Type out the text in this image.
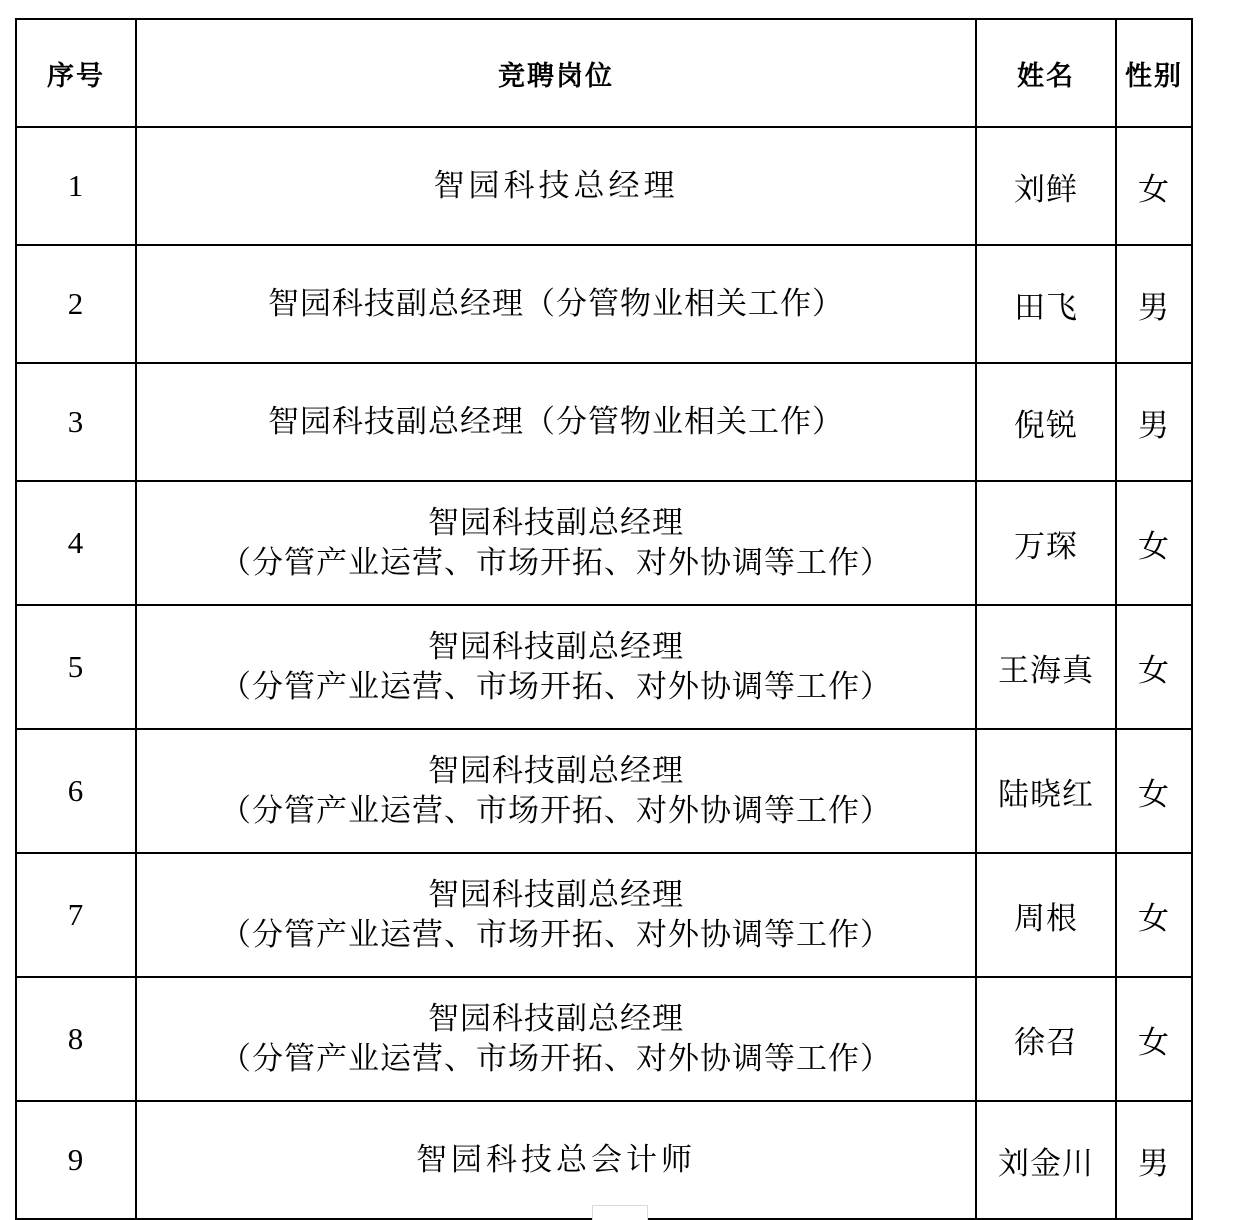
序号	竞聘岗位	姓名	性别
1	智园科技总经理	刘鲜	女
2	智园科技副总经理（分管物业相关工作）	田飞	男
3	智园科技副总经理（分管物业相关工作）	倪锐	男
4	智园科技副总经理
（分管产业运营、市场开拓、对外协调等工作）	万琛	女
5	智园科技副总经理
（分管产业运营、市场开拓、对外协调等工作）	王海真	女
6	智园科技副总经理
（分管产业运营、市场开拓、对外协调等工作）	陆晓红	女
7	智园科技副总经理
（分管产业运营、市场开拓、对外协调等工作）	周根	女
8	智园科技副总经理
（分管产业运营、市场开拓、对外协调等工作）	徐召	女
9	智园科技总会计师	刘金川	男
